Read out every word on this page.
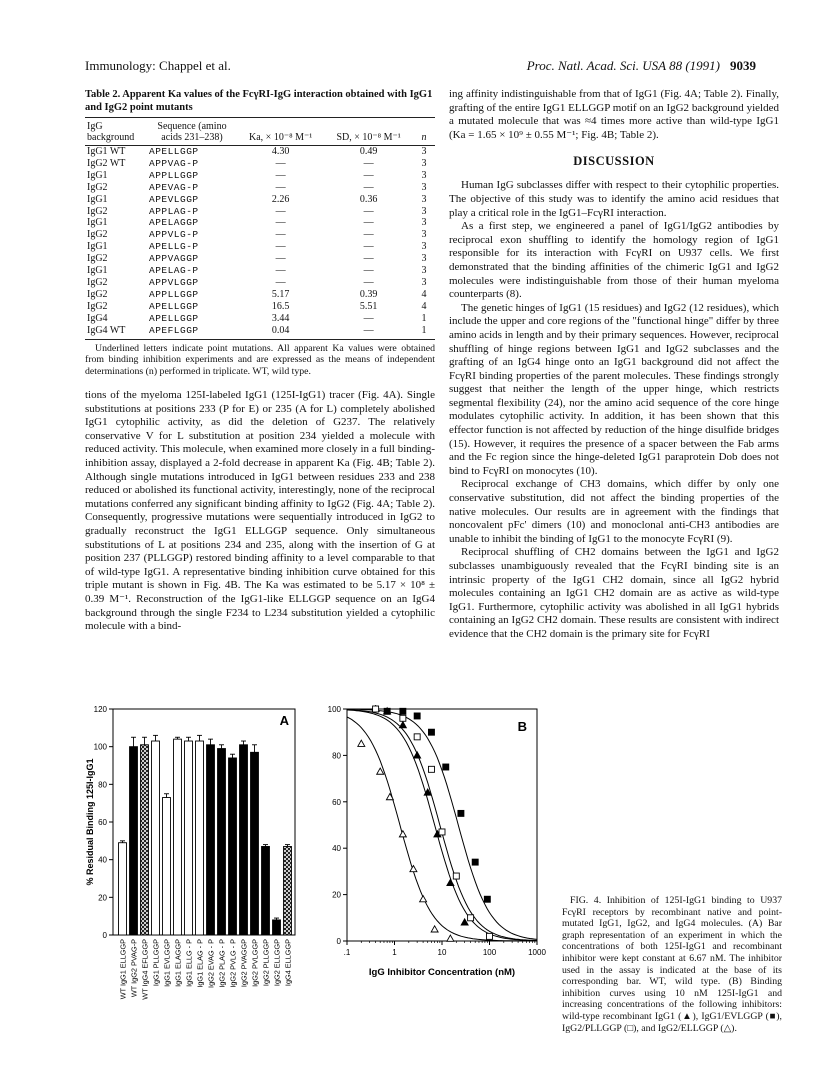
Immunology: Chappel et al.	Proc. Natl. Acad. Sci. USA 88 (1991) 9039
Table 2. Apparent Ka values of the FcγRI-IgG interaction obtained with IgG1 and IgG2 point mutants
IgG background	Sequence (amino acids 231–238)	Ka, × 10⁻⁸ M⁻¹	SD, × 10⁻⁸ M⁻¹	n
IgG1 WT	APELLGGP	4.30	0.49	3
IgG2 WT	APPVAG-P	—	—	3
IgG1	APPLLGGP	—	—	3
IgG2	APEVAG-P	—	—	3
IgG1	APEVLGGP	2.26	0.36	3
IgG2	APPLAG-P	—	—	3
IgG1	APELAGGP	—	—	3
IgG2	APPVLG-P	—	—	3
IgG1	APELLG-P	—	—	3
IgG2	APPVAGGP	—	—	3
IgG1	APELAG-P	—	—	3
IgG2	APPVLGGP	—	—	3
IgG2	APPLLGGP	5.17	0.39	4
IgG2	APELLGGP	16.5	5.51	4
IgG4	APELLGGP	3.44	—	1
IgG4 WT	APEFLGGP	0.04	—	1
Underlined letters indicate point mutations. All apparent Ka values were obtained from binding inhibition experiments and are expressed as the means of independent determinations (n) performed in triplicate. WT, wild type.
tions of the myeloma 125I-labeled IgG1 (125I-IgG1) tracer (Fig. 4A). Single substitutions at positions 233 (P for E) or 235 (A for L) completely abolished IgG1 cytophilic activity, as did the deletion of G237. The relatively conservative V for L substitution at position 234 yielded a molecule with reduced activity. This molecule, when examined more closely in a full binding-inhibition assay, displayed a 2-fold decrease in apparent Ka (Fig. 4B; Table 2). Although single mutations introduced in IgG1 between residues 233 and 238 reduced or abolished its functional activity, interestingly, none of the reciprocal mutations conferred any significant binding affinity to IgG2 (Fig. 4A; Table 2). Consequently, progressive mutations were sequentially introduced in IgG2 to gradually reconstruct the IgG1 ELLGGP sequence. Only simultaneous substitutions of L at positions 234 and 235, along with the insertion of G at position 237 (PLLGGP) restored binding affinity to a level comparable to that of wild-type IgG1. A representative binding inhibition curve obtained for this triple mutant is shown in Fig. 4B. The Ka was estimated to be 5.17 × 10⁸ ± 0.39 M⁻¹. Reconstruction of the IgG1-like ELLGGP sequence on an IgG4 background through the single F234 to L234 substitution yielded a cytophilic molecule with a bind-
ing affinity indistinguishable from that of IgG1 (Fig. 4A; Table 2). Finally, grafting of the entire IgG1 ELLGGP motif on an IgG2 background yielded a mutated molecule that was ≈4 times more active than wild-type IgG1 (Ka = 1.65 × 10⁹ ± 0.55 M⁻¹; Fig. 4B; Table 2).
DISCUSSION
Human IgG subclasses differ with respect to their cytophilic properties. The objective of this study was to identify the amino acid residues that play a critical role in the IgG1–FcγRI interaction.
As a first step, we engineered a panel of IgG1/IgG2 antibodies by reciprocal exon shuffling to identify the homology region of IgG1 responsible for its interaction with FcγRI on U937 cells. We first demonstrated that the binding affinities of the chimeric IgG1 and IgG2 molecules were indistinguishable from those of their human myeloma counterparts (8).
The genetic hinges of IgG1 (15 residues) and IgG2 (12 residues), which include the upper and core regions of the "functional hinge" differ by three amino acids in length and by their primary sequences. However, reciprocal shuffling of hinge regions between IgG1 and IgG2 subclasses and the grafting of an IgG4 hinge onto an IgG1 background did not affect the FcγRI binding properties of the parent molecules. These findings strongly suggest that neither the length of the upper hinge, which restricts segmental flexibility (24), nor the amino acid sequence of the core hinge modulates cytophilic activity. In addition, it has been shown that this effector function is not affected by reduction of the hinge disulfide bridges (15). However, it requires the presence of a spacer between the Fab arms and the Fc region since the hinge-deleted IgG1 paraprotein Dob does not bind to FcγRI on monocytes (10).
Reciprocal exchange of CH3 domains, which differ by only one conservative substitution, did not affect the binding properties of the native molecules. Our results are in agreement with the findings that noncovalent pFc' dimers (10) and monoclonal anti-CH3 antibodies are unable to inhibit the binding of IgG1 to the monocyte FcγRI (9).
Reciprocal shuffling of CH2 domains between the IgG1 and IgG2 subclasses unambiguously revealed that the FcγRI binding site is an intrinsic property of the IgG1 CH2 domain, since all IgG2 hybrid molecules containing an IgG1 CH2 domain are as active as wild-type IgG1. Furthermore, cytophilic activity was abolished in all IgG1 hybrids containing an IgG2 CH2 domain. These results are consistent with indirect evidence that the CH2 domain is the primary site for FcγRI
0
20
40
60
80
100
120
% Residual Binding 125I-IgG1
A
WT IgG1 ELLGGP WT IgG2 PVAG-P WT IgG4 EFLGGP IgG1 PLLGGP IgG1 EVLGGP IgG1 ELAGGP IgG1 ELLG - P IgG1 ELAG - P IgG2 EVAG - P IgG2 PLAG - P IgG2 PVLG - P IgG2 PVAGGP IgG2 PVLGGP IgG2 PLLGGP IgG2 ELLGGP IgG4 ELLGGP	0
20
40
60
80
100
.1	1	10	100	1000
IgG Inhibitor Concentration (nM)
B
FIG. 4. Inhibition of 125I-IgG1 binding to U937 FcγRI receptors by recombinant native and point-mutated IgG1, IgG2, and IgG4 molecules. (A) Bar graph representation of an experiment in which the concentrations of both 125I-IgG1 and recombinant inhibitor were kept constant at 6.67 nM. The inhibitor used in the assay is indicated at the base of its corresponding bar. WT, wild type. (B) Binding inhibition curves using 10 nM 125I-IgG1 and increasing concentrations of the following inhibitors: wild-type recombinant IgG1 (▲), IgG1/EVLGGP (■), IgG2/PLLGGP (□), and IgG2/ELLGGP (△).
